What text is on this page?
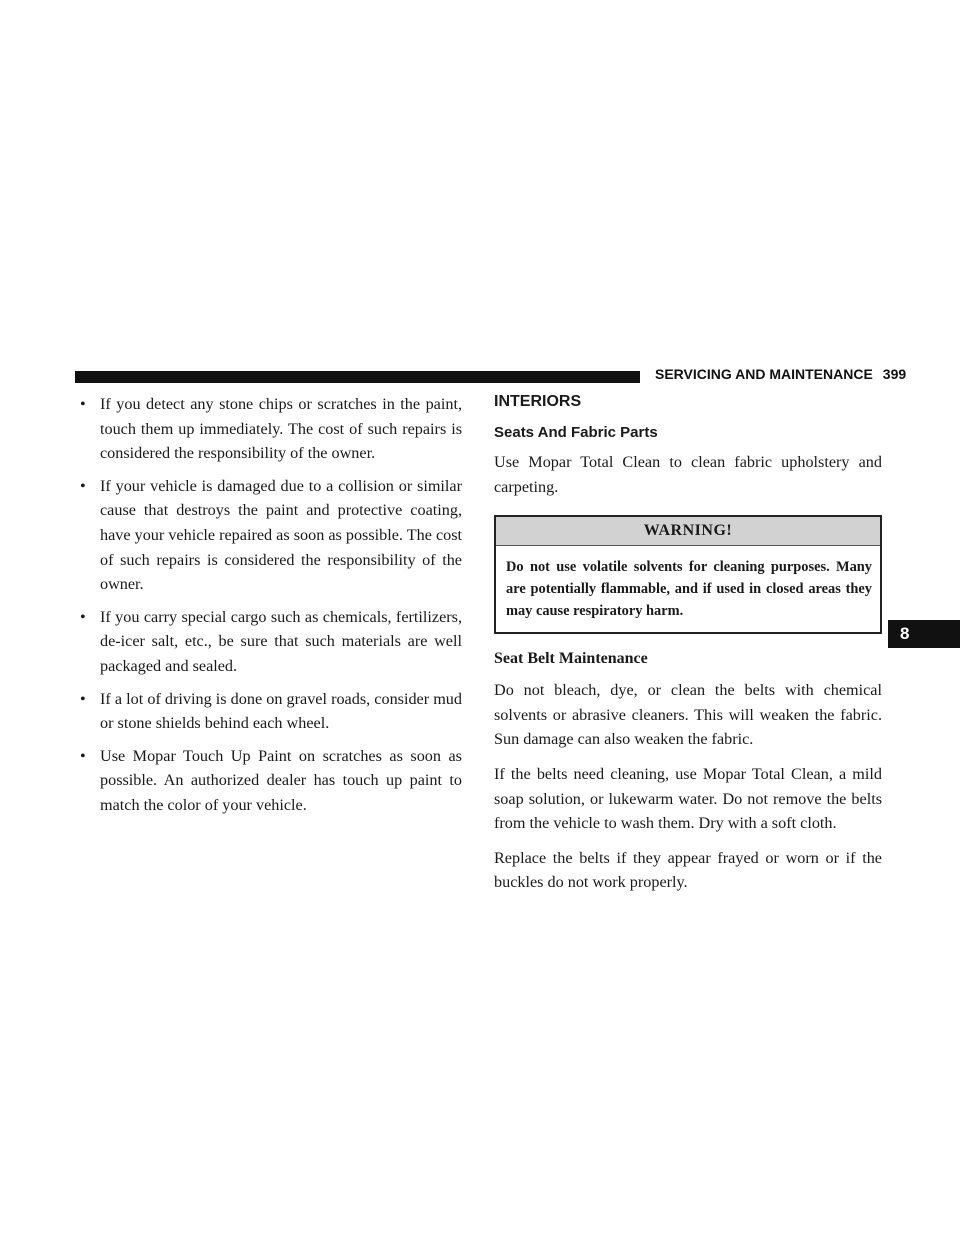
SERVICING AND MAINTENANCE 399
• If you detect any stone chips or scratches in the paint, touch them up immediately. The cost of such repairs is considered the responsibility of the owner.
• If your vehicle is damaged due to a collision or similar cause that destroys the paint and protective coating, have your vehicle repaired as soon as possible. The cost of such repairs is considered the responsibility of the owner.
• If you carry special cargo such as chemicals, fertilizers, de-icer salt, etc., be sure that such materials are well packaged and sealed.
• If a lot of driving is done on gravel roads, consider mud or stone shields behind each wheel.
• Use Mopar Touch Up Paint on scratches as soon as possible. An authorized dealer has touch up paint to match the color of your vehicle.
INTERIORS
Seats And Fabric Parts
Use Mopar Total Clean to clean fabric upholstery and carpeting.
WARNING!
Do not use volatile solvents for cleaning purposes. Many are potentially flammable, and if used in closed areas they may cause respiratory harm.
Seat Belt Maintenance
Do not bleach, dye, or clean the belts with chemical solvents or abrasive cleaners. This will weaken the fabric. Sun damage can also weaken the fabric.
If the belts need cleaning, use Mopar Total Clean, a mild soap solution, or lukewarm water. Do not remove the belts from the vehicle to wash them. Dry with a soft cloth.
Replace the belts if they appear frayed or worn or if the buckles do not work properly.
8
